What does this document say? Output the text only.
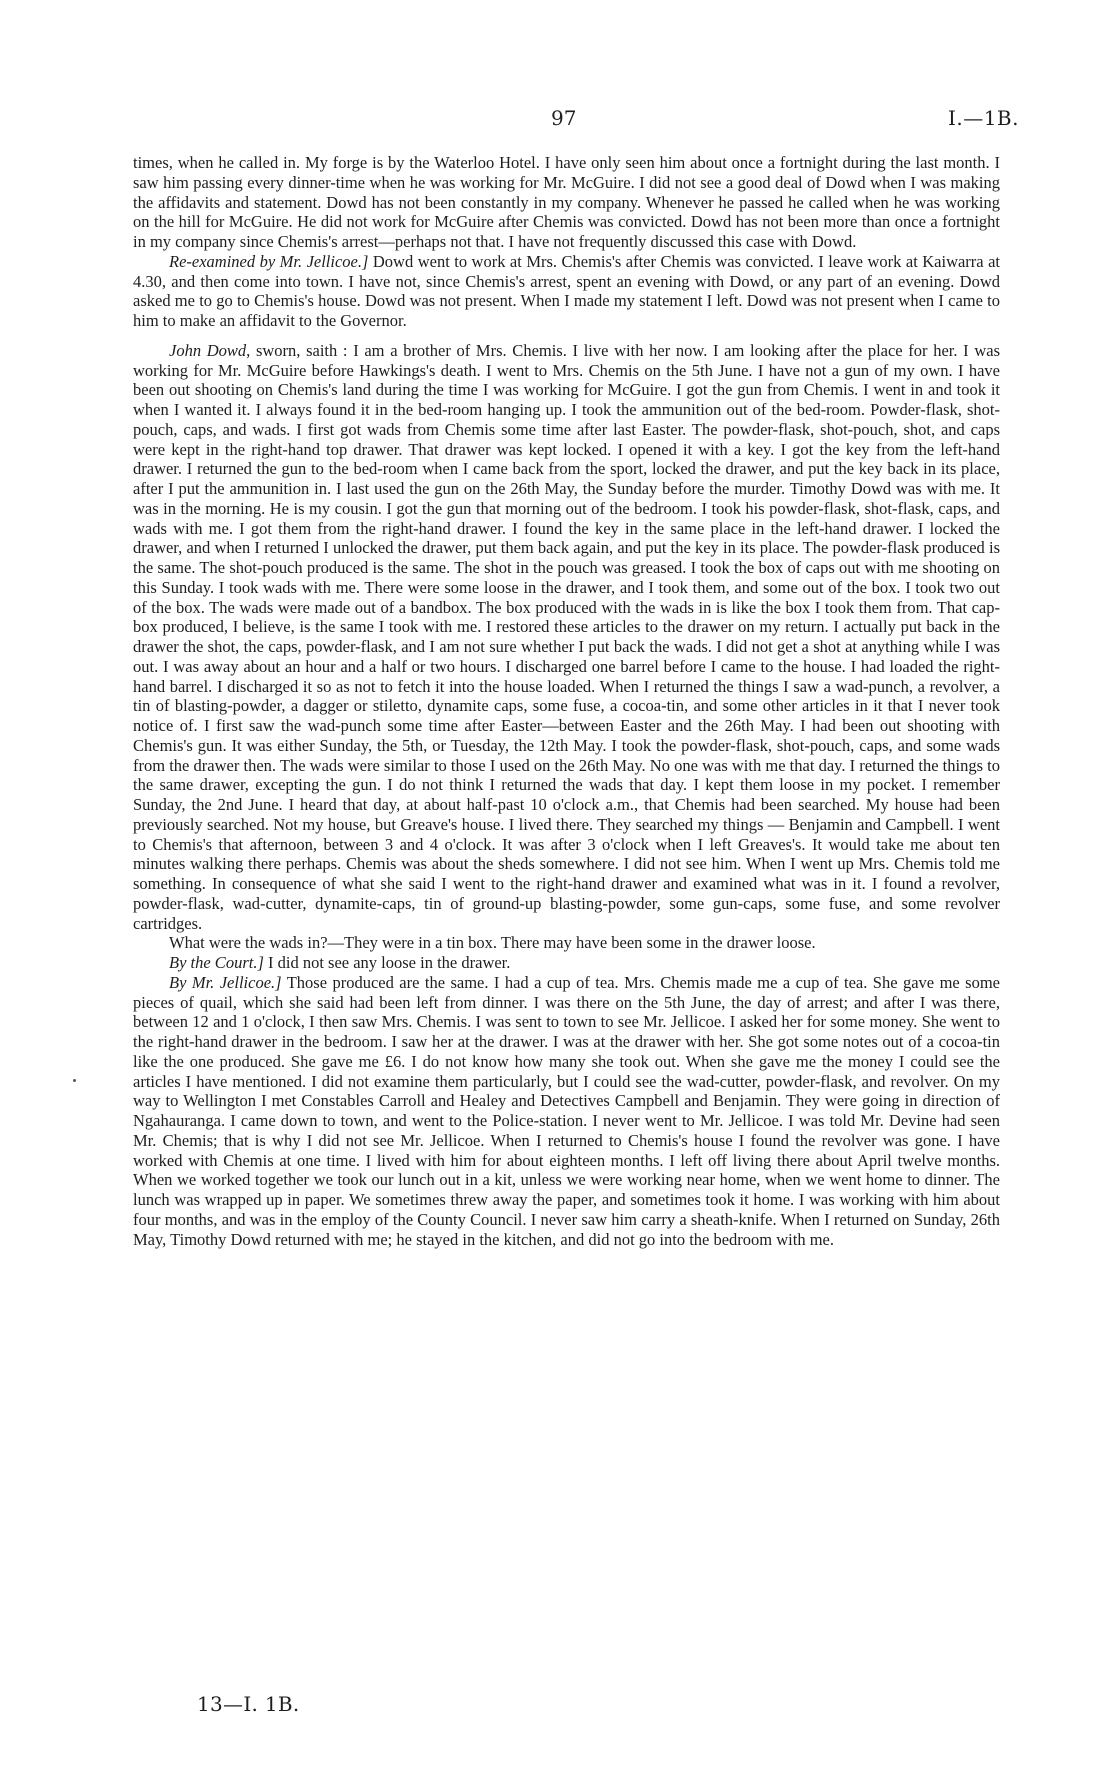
97	I.—1B.

times, when he called in. My forge is by the Waterloo Hotel. I have only seen him about once a fortnight during the last month. I saw him passing every dinner-time when he was working for Mr. McGuire. I did not see a good deal of Dowd when I was making the affidavits and statement. Dowd has not been constantly in my company. Whenever he passed he called when he was working on the hill for McGuire. He did not work for McGuire after Chemis was convicted. Dowd has not been more than once a fortnight in my company since Chemis's arrest—perhaps not that. I have not frequently discussed this case with Dowd.

Re-examined by Mr. Jellicoe.] Dowd went to work at Mrs. Chemis's after Chemis was convicted. I leave work at Kaiwarra at 4.30, and then come into town. I have not, since Chemis's arrest, spent an evening with Dowd, or any part of an evening. Dowd asked me to go to Chemis's house. Dowd was not present. When I made my statement I left. Dowd was not present when I came to him to make an affidavit to the Governor.

John Dowd, sworn, saith : I am a brother of Mrs. Chemis. I live with her now. I am looking after the place for her. I was working for Mr. McGuire before Hawkings's death. I went to Mrs. Chemis on the 5th June. I have not a gun of my own. I have been out shooting on Chemis's land during the time I was working for McGuire. I got the gun from Chemis. I went in and took it when I wanted it. I always found it in the bed-room hanging up. I took the ammunition out of the bed-room. Powder-flask, shot-pouch, caps, and wads. I first got wads from Chemis some time after last Easter. The powder-flask, shot-pouch, shot, and caps were kept in the right-hand top drawer. That drawer was kept locked. I opened it with a key. I got the key from the left-hand drawer. I returned the gun to the bed-room when I came back from the sport, locked the drawer, and put the key back in its place, after I put the ammunition in. I last used the gun on the 26th May, the Sunday before the murder. Timothy Dowd was with me. It was in the morning. He is my cousin. I got the gun that morning out of the bedroom. I took his powder-flask, shot-flask, caps, and wads with me. I got them from the right-hand drawer. I found the key in the same place in the left-hand drawer. I locked the drawer, and when I returned I unlocked the drawer, put them back again, and put the key in its place. The powder-flask produced is the same. The shot-pouch produced is the same. The shot in the pouch was greased. I took the box of caps out with me shooting on this Sunday. I took wads with me. There were some loose in the drawer, and I took them, and some out of the box. I took two out of the box. The wads were made out of a bandbox. The box produced with the wads in is like the box I took them from. That cap-box produced, I believe, is the same I took with me. I restored these articles to the drawer on my return. I actually put back in the drawer the shot, the caps, powder-flask, and I am not sure whether I put back the wads. I did not get a shot at anything while I was out. I was away about an hour and a half or two hours. I discharged one barrel before I came to the house. I had loaded the right-hand barrel. I discharged it so as not to fetch it into the house loaded. When I returned the things I saw a wad-punch, a revolver, a tin of blasting-powder, a dagger or stiletto, dynamite caps, some fuse, a cocoa-tin, and some other articles in it that I never took notice of. I first saw the wad-punch some time after Easter—between Easter and the 26th May. I had been out shooting with Chemis's gun. It was either Sunday, the 5th, or Tuesday, the 12th May. I took the powder-flask, shot-pouch, caps, and some wads from the drawer then. The wads were similar to those I used on the 26th May. No one was with me that day. I returned the things to the same drawer, excepting the gun. I do not think I returned the wads that day. I kept them loose in my pocket. I remember Sunday, the 2nd June. I heard that day, at about half-past 10 o'clock a.m., that Chemis had been searched. My house had been previously searched. Not my house, but Greave's house. I lived there. They searched my things — Benjamin and Campbell. I went to Chemis's that afternoon, between 3 and 4 o'clock. It was after 3 o'clock when I left Greaves's. It would take me about ten minutes walking there perhaps. Chemis was about the sheds somewhere. I did not see him. When I went up Mrs. Chemis told me something. In consequence of what she said I went to the right-hand drawer and examined what was in it. I found a revolver, powder-flask, wad-cutter, dynamite-caps, tin of ground-up blasting-powder, some gun-caps, some fuse, and some revolver cartridges.

What were the wads in?—They were in a tin box. There may have been some in the drawer loose.

By the Court.] I did not see any loose in the drawer.

By Mr. Jellicoe.] Those produced are the same. I had a cup of tea. Mrs. Chemis made me a cup of tea. She gave me some pieces of quail, which she said had been left from dinner. I was there on the 5th June, the day of arrest; and after I was there, between 12 and 1 o'clock, I then saw Mrs. Chemis. I was sent to town to see Mr. Jellicoe. I asked her for some money. She went to the right-hand drawer in the bedroom. I saw her at the drawer. I was at the drawer with her. She got some notes out of a cocoa-tin like the one produced. She gave me £6. I do not know how many she took out. When she gave me the money I could see the articles I have mentioned. I did not examine them particularly, but I could see the wad-cutter, powder-flask, and revolver. On my way to Wellington I met Constables Carroll and Healey and Detectives Campbell and Benjamin. They were going in direction of Ngahauranga. I came down to town, and went to the Police-station. I never went to Mr. Jellicoe. I was told Mr. Devine had seen Mr. Chemis; that is why I did not see Mr. Jellicoe. When I returned to Chemis's house I found the revolver was gone. I have worked with Chemis at one time. I lived with him for about eighteen months. I left off living there about April twelve months. When we worked together we took our lunch out in a kit, unless we were working near home, when we went home to dinner. The lunch was wrapped up in paper. We sometimes threw away the paper, and sometimes took it home. I was working with him about four months, and was in the employ of the County Council. I never saw him carry a sheath-knife. When I returned on Sunday, 26th May, Timothy Dowd returned with me; he stayed in the kitchen, and did not go into the bedroom with me.

13—I. 1B.
